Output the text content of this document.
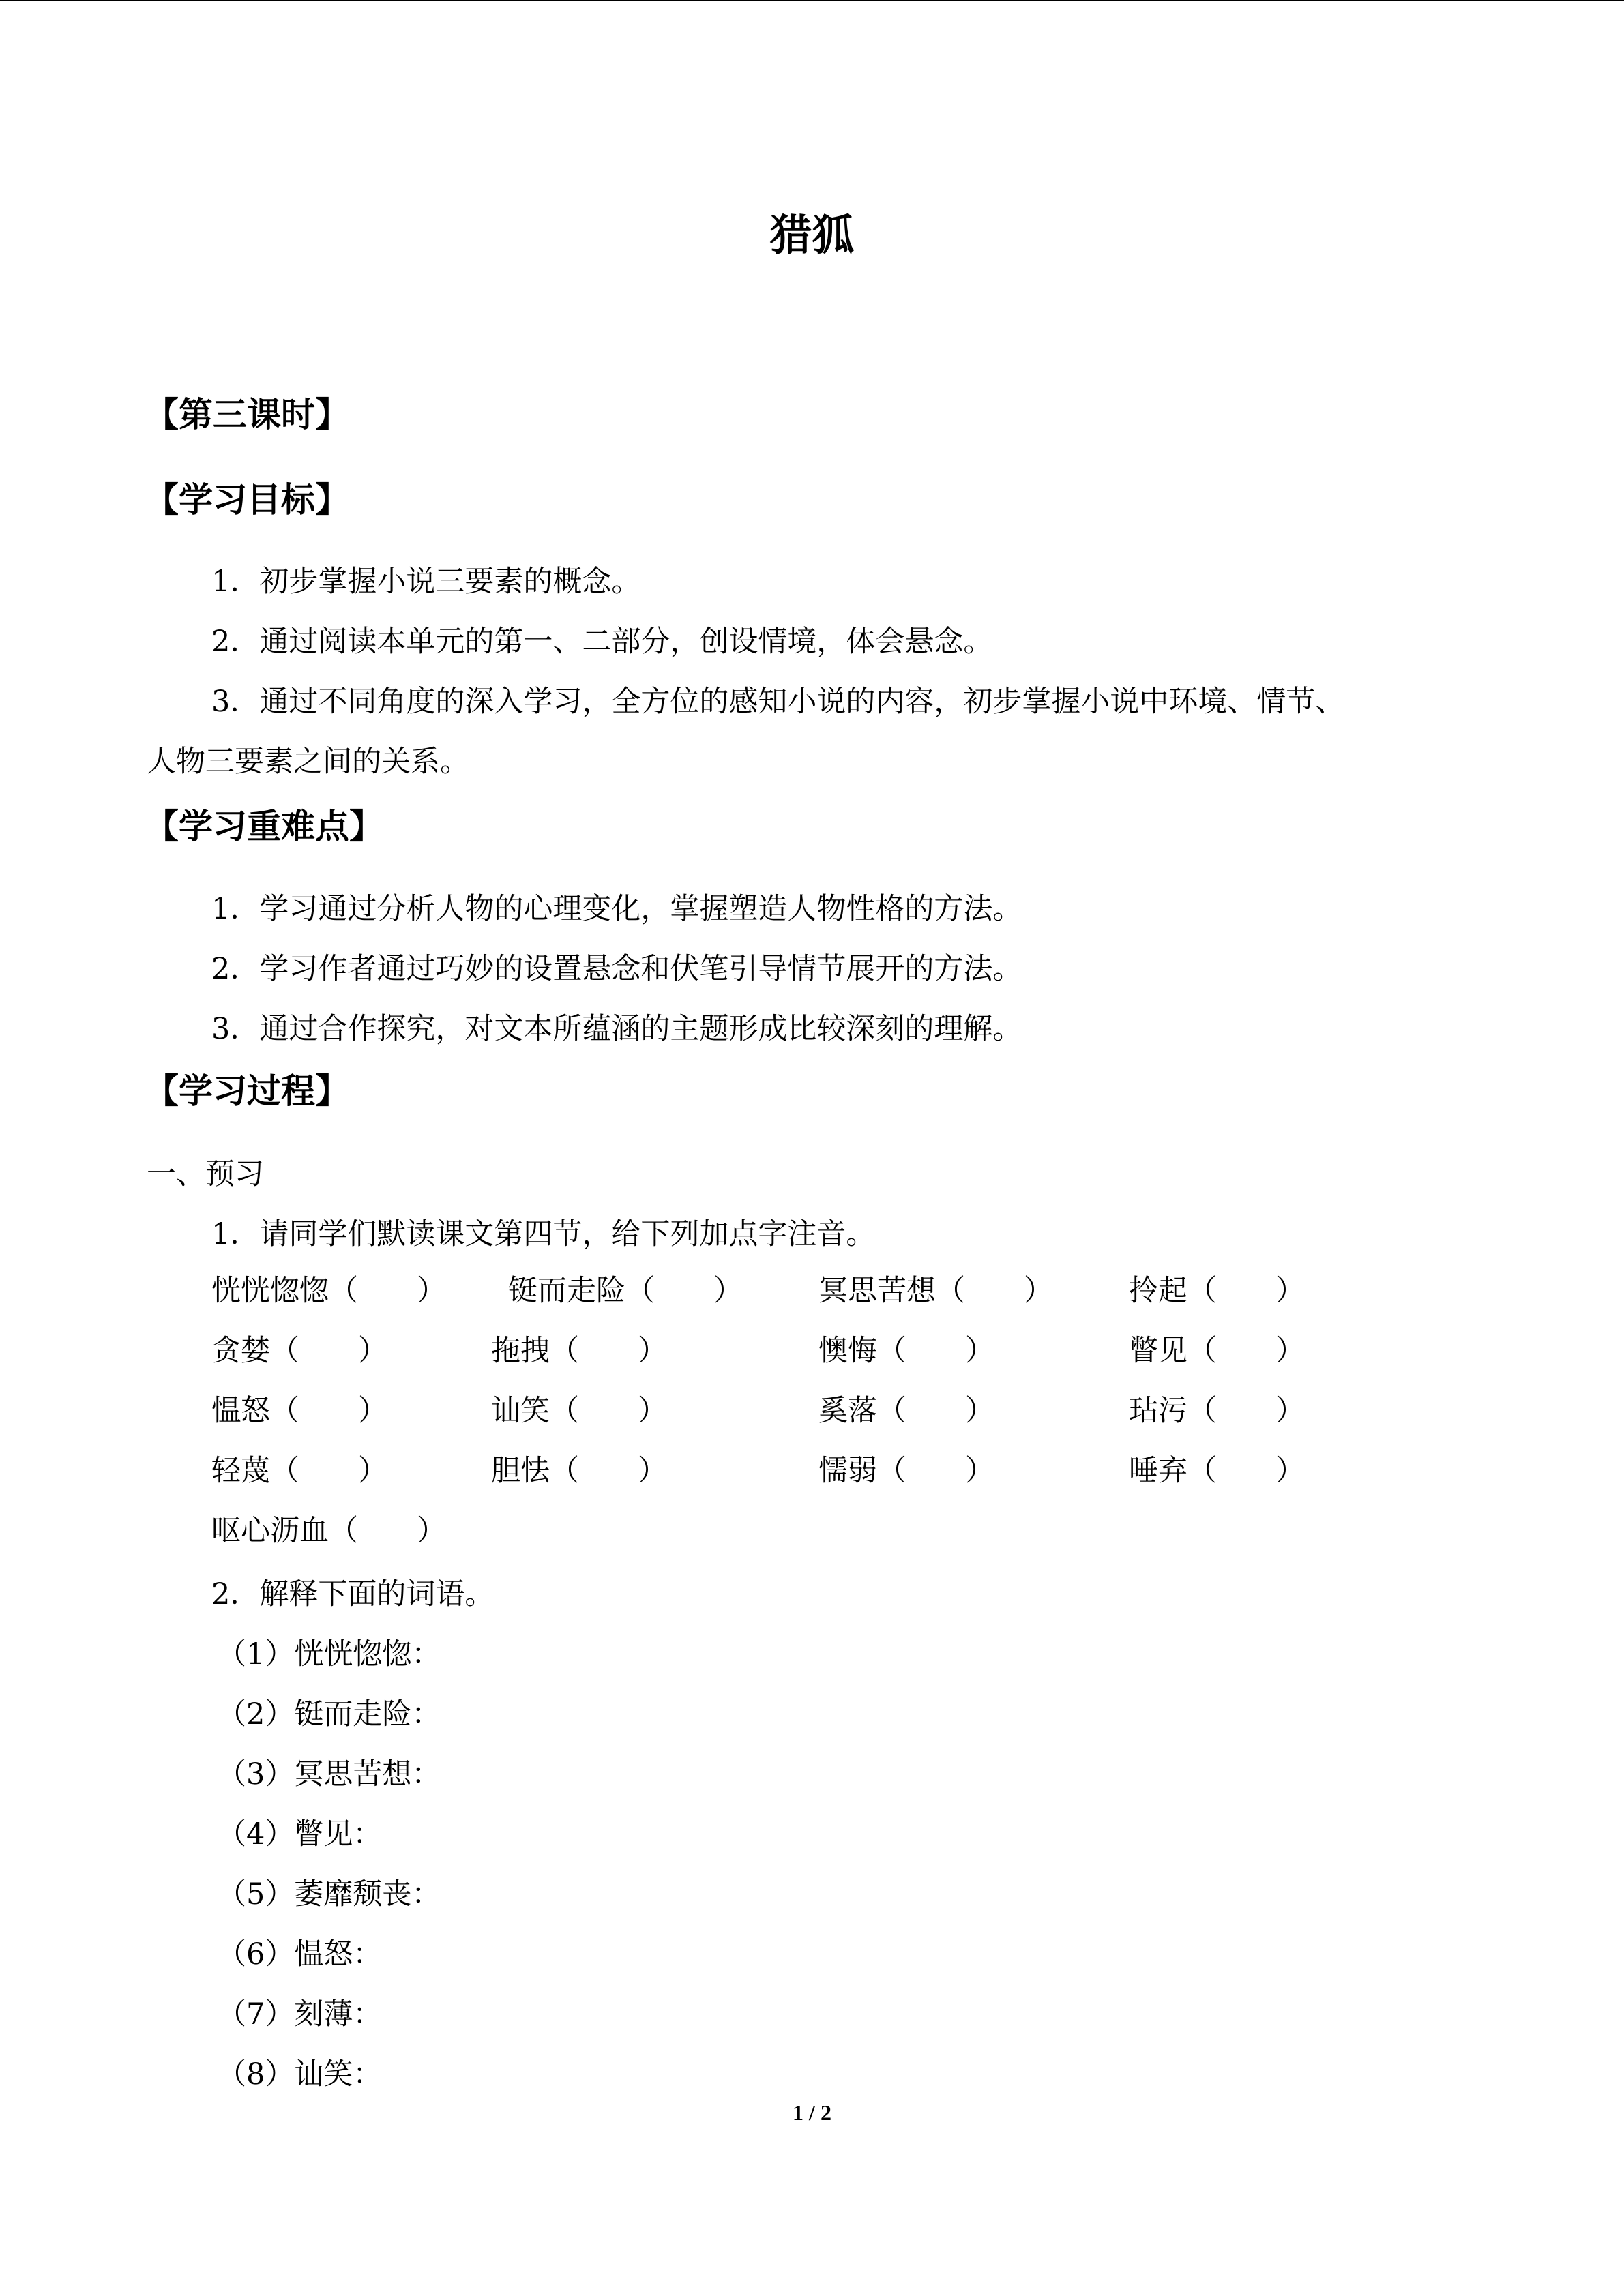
猎狐
【第三课时】
【学习目标】
1．初步掌握小说三要素的概念。
2．通过阅读本单元的第一、二部分，创设情境，体会悬念。
3．通过不同角度的深入学习，全方位的感知小说的内容，初步掌握小说中环境、情节、
人物三要素之间的关系。
【学习重难点】
1．学习通过分析人物的心理变化，掌握塑造人物性格的方法。
2．学习作者通过巧妙的设置悬念和伏笔引导情节展开的方法。
3．通过合作探究，对文本所蕴涵的主题形成比较深刻的理解。
【学习过程】
一、预习
1．请同学们默读课文第四节，给下列加点字注音。
恍恍惚惚（　　） 铤而走险（　　）	冥思苦想（　　）	拎起（　　）
贪婪（　　）	拖拽（　　）	懊悔（　　）	瞥见（　　）
愠怒（　　）	讪笑（　　）	奚落（　　）	玷污（　　）
轻蔑（　　）	胆怯（　　）	懦弱（　　）	唾弃（　　）
呕心沥血（　　）
2．解释下面的词语。
（1）恍恍惚惚：
（2）铤而走险：
（3）冥思苦想：
（4）瞥见：
（5）萎靡颓丧：
（6）愠怒：
（7）刻薄：
（8）讪笑：
1 / 2
